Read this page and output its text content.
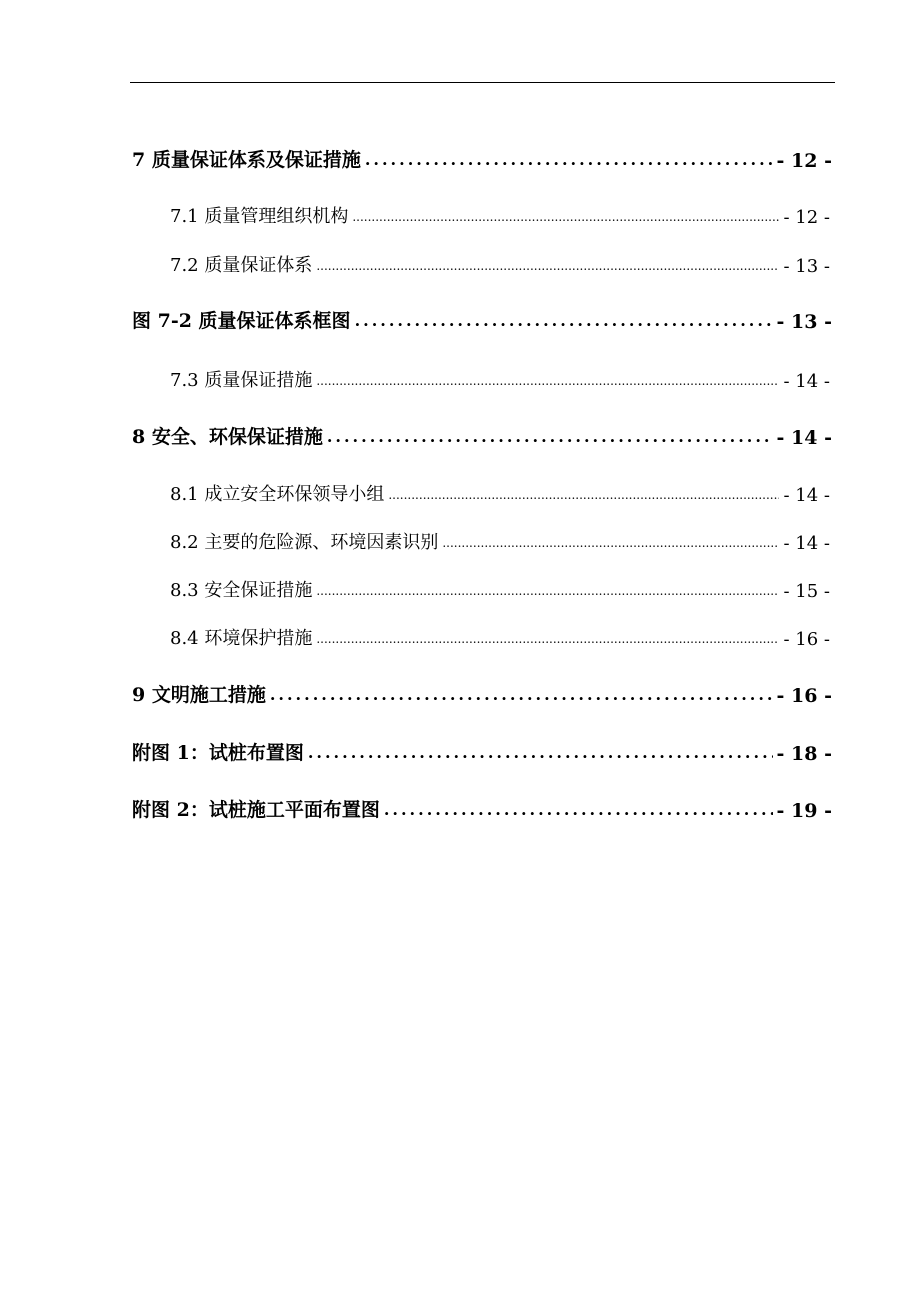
7 质量保证体系及保证措施 .....	- 12 -
7.1 质量管理组织机构 .....	- 12 -
7.2 质量保证体系 .....	- 13 -
图 7-2 质量保证体系框图 .....	- 13 -
7.3 质量保证措施 .....	- 14 -
8 安全、环保保证措施 .....	- 14 -
8.1 成立安全环保领导小组 .....	- 14 -
8.2 主要的危险源、环境因素识别 .....	- 14 -
8.3 安全保证措施 .....	- 15 -
8.4 环境保护措施 .....	- 16 -
9 文明施工措施 .....	- 16 -
附图 1：试桩布置图 .....	- 18 -
附图 2：试桩施工平面布置图 .....	- 19 -
